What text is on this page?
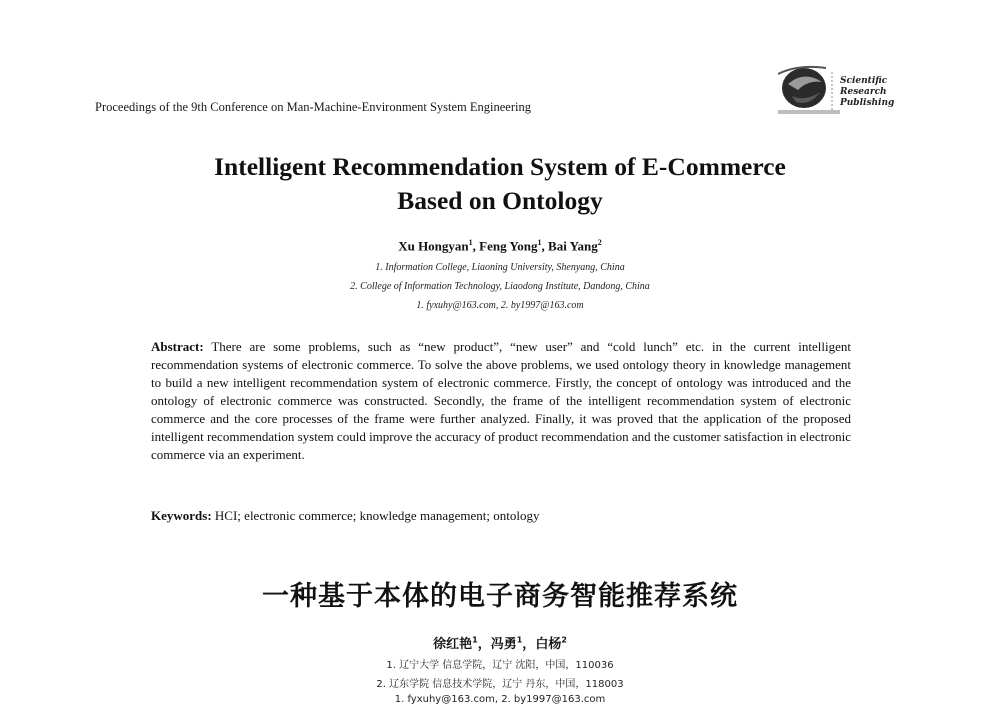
Proceedings of the 9th Conference on Man-Machine-Environment System Engineering
Scientific
Research
Publishing
Intelligent Recommendation System of E-Commerce
Based on Ontology
Xu Hongyan$^1$, Feng Yong$^1$, Bai Yang$^2$
1. Information College, Liaoning University, Shenyang, China
2. College of Information Technology, Liaodong Institute, Dandong, China
1. fyxuhy@163.com, 2. by1997@163.com
Abstract: There are some problems, such as “new product”, “new user” and “cold lunch” etc. in the current intelligent recommendation systems of electronic commerce. To solve the above problems, we used ontology theory in knowledge management to build a new intelligent recommendation system of electronic commerce. Firstly, the concept of ontology was introduced and the ontology of electronic commerce was constructed. Secondly, the frame of the intelligent recommendation system of electronic commerce and the core processes of the frame were further analyzed. Finally, it was proved that the application of the proposed intelligent recommendation system could improve the accuracy of product recommendation and the customer satisfaction in electronic commerce via an experiment.
Keywords: HCI; electronic commerce; knowledge management; ontology
一种基于本体的电子商务智能推荐系统
徐红艳$^1$，冯勇$^1$，白杨$^2$
1. 辽宁大学 信息学院，辽宁 沈阳，中国，110036
2. 辽东学院 信息技术学院，辽宁 丹东，中国，118003
1. fyxuhy@163.com, 2. by1997@163.com
